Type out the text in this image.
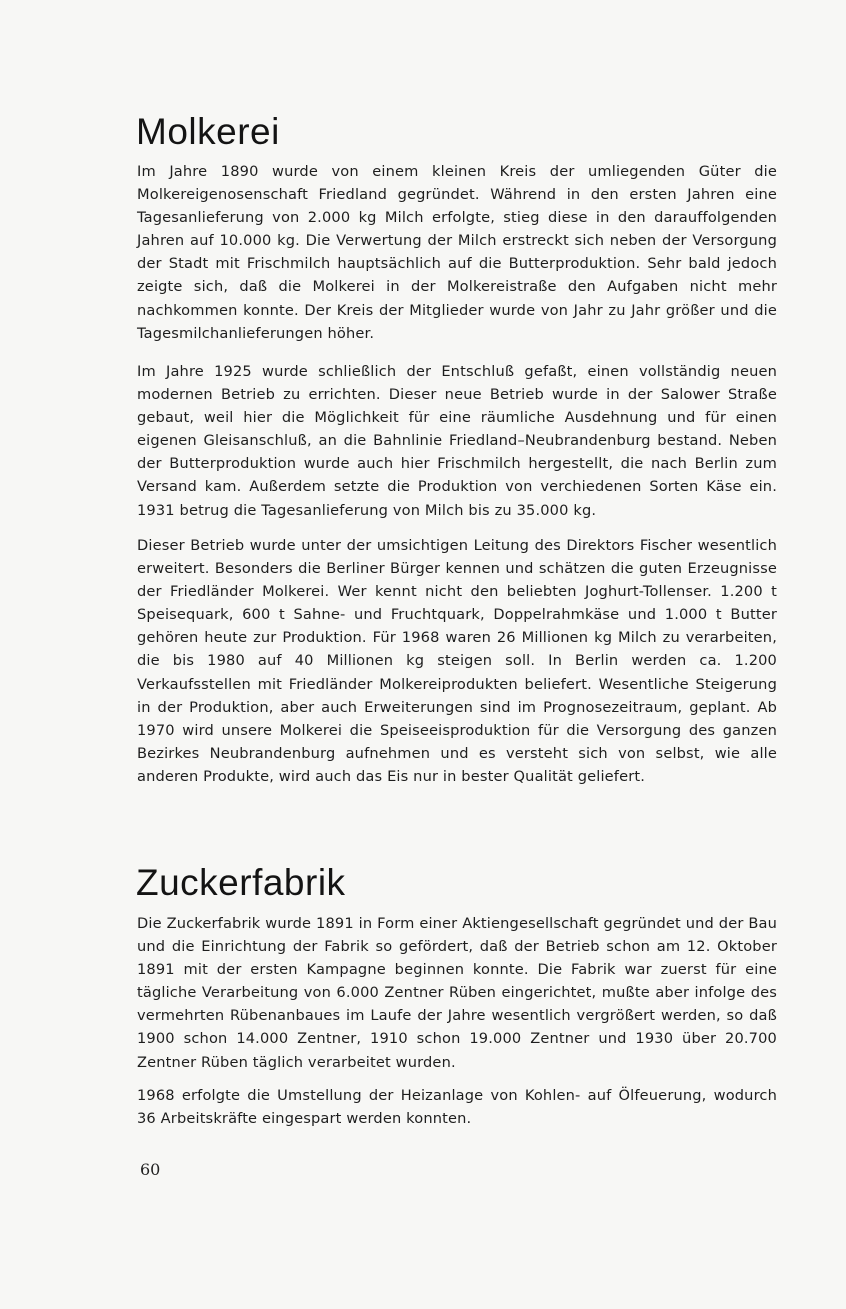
Molkerei

Im Jahre 1890 wurde von einem kleinen Kreis der umliegenden Güter die Molkereigenosenschaft Friedland gegründet. Während in den ersten Jahren eine Tagesanlieferung von 2.000 kg Milch erfolgte, stieg diese in den darauffolgenden Jahren auf 10.000 kg. Die Verwertung der Milch erstreckt sich neben der Versorgung der Stadt mit Frischmilch hauptsächlich auf die Butterproduktion. Sehr bald jedoch zeigte sich, daß die Molkerei in der Molkereistraße den Aufgaben nicht mehr nachkommen konnte. Der Kreis der Mitglieder wurde von Jahr zu Jahr größer und die Tagesmilchanlieferungen höher.

Im Jahre 1925 wurde schließlich der Entschluß gefaßt, einen vollständig neuen modernen Betrieb zu errichten. Dieser neue Betrieb wurde in der Salower Straße gebaut, weil hier die Möglichkeit für eine räumliche Ausdehnung und für einen eigenen Gleisanschluß, an die Bahnlinie Friedland–Neubrandenburg bestand. Neben der Butterproduktion wurde auch hier Frischmilch hergestellt, die nach Berlin zum Versand kam. Außerdem setzte die Produktion von verchiedenen Sorten Käse ein. 1931 betrug die Tagesanlieferung von Milch bis zu 35.000 kg.

Dieser Betrieb wurde unter der umsichtigen Leitung des Direktors Fischer wesentlich erweitert. Besonders die Berliner Bürger kennen und schätzen die guten Erzeugnisse der Friedländer Molkerei. Wer kennt nicht den beliebten Joghurt-Tollenser. 1.200 t Speisequark, 600 t Sahne- und Fruchtquark, Doppelrahmkäse und 1.000 t Butter gehören heute zur Produktion. Für 1968 waren 26 Millionen kg Milch zu verarbeiten, die bis 1980 auf 40 Millionen kg steigen soll. In Berlin werden ca. 1.200 Verkaufsstellen mit Friedländer Molkereiprodukten beliefert. Wesentliche Steigerung in der Produktion, aber auch Erweiterungen sind im Prognosezeitraum, geplant. Ab 1970 wird unsere Molkerei die Speiseeisproduktion für die Versorgung des ganzen Bezirkes Neubrandenburg aufnehmen und es versteht sich von selbst, wie alle anderen Produkte, wird auch das Eis nur in bester Qualität geliefert.

Zuckerfabrik

Die Zuckerfabrik wurde 1891 in Form einer Aktiengesellschaft gegründet und der Bau und die Einrichtung der Fabrik so gefördert, daß der Betrieb schon am 12. Oktober 1891 mit der ersten Kampagne beginnen konnte. Die Fabrik war zuerst für eine tägliche Verarbeitung von 6.000 Zentner Rüben eingerichtet, mußte aber infolge des vermehrten Rübenanbaues im Laufe der Jahre wesentlich vergrößert werden, so daß 1900 schon 14.000 Zentner, 1910 schon 19.000 Zentner und 1930 über 20.700 Zentner Rüben täglich verarbeitet wurden.

1968 erfolgte die Umstellung der Heizanlage von Kohlen- auf Ölfeuerung, wodurch 36 Arbeitskräfte eingespart werden konnten.

60
